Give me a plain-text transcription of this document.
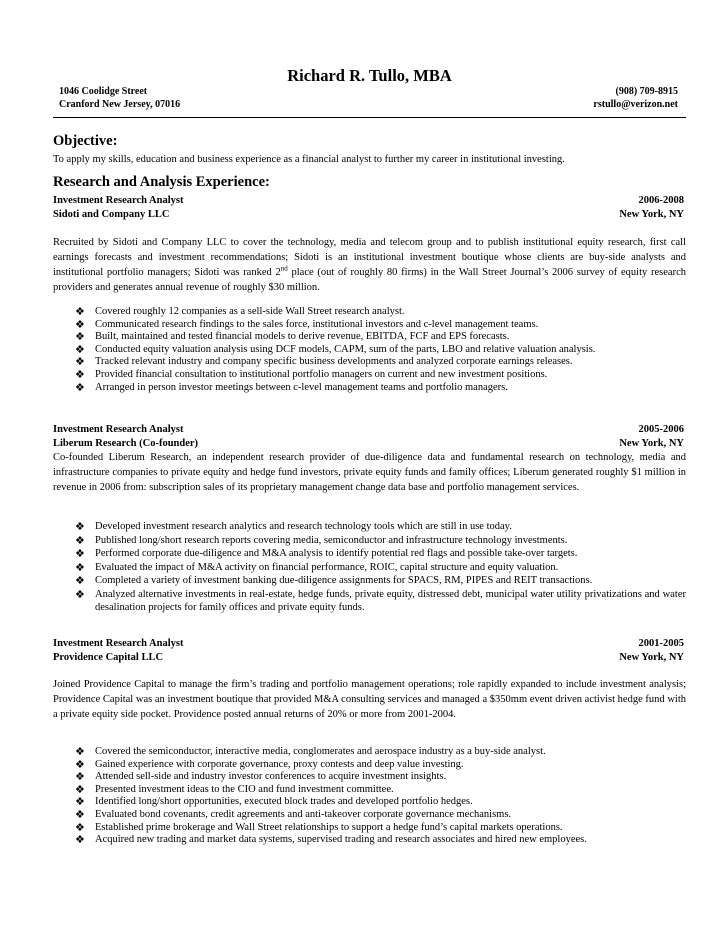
Richard R. Tullo, MBA
1046 Coolidge Street	(908) 709-8915
Cranford New Jersey, 07016	rstullo@verizon.net
Objective:
To apply my skills, education and business experience as a financial analyst to further my career in institutional investing.
Research and Analysis Experience:
Investment Research Analyst	2006-2008
Sidoti and Company LLC	New York, NY
Recruited by Sidoti and Company LLC to cover the technology, media and telecom group and to publish institutional equity research, first call earnings forecasts and investment recommendations; Sidoti is an institutional investment boutique whose clients are buy-side analysts and institutional portfolio managers; Sidoti was ranked 2nd place (out of roughly 80 firms) in the Wall Street Journal’s 2006 survey of equity research providers and generates annual revenue of roughly $30 million.
❖ Covered roughly 12 companies as a sell-side Wall Street research analyst.
❖ Communicated research findings to the sales force, institutional investors and c-level management teams.
❖ Built, maintained and tested financial models to derive revenue, EBITDA, FCF and EPS forecasts.
❖ Conducted equity valuation analysis using DCF models, CAPM, sum of the parts, LBO and relative valuation analysis.
❖ Tracked relevant industry and company specific business developments and analyzed corporate earnings releases.
❖ Provided financial consultation to institutional portfolio managers on current and new investment positions.
❖ Arranged in person investor meetings between c-level management teams and portfolio managers.
Investment Research Analyst	2005-2006
Liberum Research (Co-founder)	New York, NY
Co-founded Liberum Research, an independent research provider of due-diligence data and fundamental research on technology, media and infrastructure companies to private equity and hedge fund investors, private equity funds and family offices; Liberum generated roughly $1 million in revenue in 2006 from: subscription sales of its proprietary management change data base and portfolio management services.
❖ Developed investment research analytics and research technology tools which are still in use today.
❖ Published long/short research reports covering media, semiconductor and infrastructure technology investments.
❖ Performed corporate due-diligence and M&A analysis to identify potential red flags and possible take-over targets.
❖ Evaluated the impact of M&A activity on financial performance, ROIC, capital structure and equity valuation.
❖ Completed a variety of investment banking due-diligence assignments for SPACS, RM, PIPES and REIT transactions.
❖ Analyzed alternative investments in real-estate, hedge funds, private equity, distressed debt, municipal water utility privatizations and water desalination projects for family offices and private equity funds.
Investment Research Analyst	2001-2005
Providence Capital LLC	New York, NY
Joined Providence Capital to manage the firm’s trading and portfolio management operations; role rapidly expanded to include investment analysis; Providence Capital was an investment boutique that provided M&A consulting services and managed a $350mm event driven activist hedge fund with a private equity side pocket. Providence posted annual returns of 20% or more from 2001-2004.
❖ Covered the semiconductor, interactive media, conglomerates and aerospace industry as a buy-side analyst.
❖ Gained experience with corporate governance, proxy contests and deep value investing.
❖ Attended sell-side and industry investor conferences to acquire investment insights.
❖ Presented investment ideas to the CIO and fund investment committee.
❖ Identified long/short opportunities, executed block trades and developed portfolio hedges.
❖ Evaluated bond covenants, credit agreements and anti-takeover corporate governance mechanisms.
❖ Established prime brokerage and Wall Street relationships to support a hedge fund’s capital markets operations.
❖ Acquired new trading and market data systems, supervised trading and research associates and hired new employees.
